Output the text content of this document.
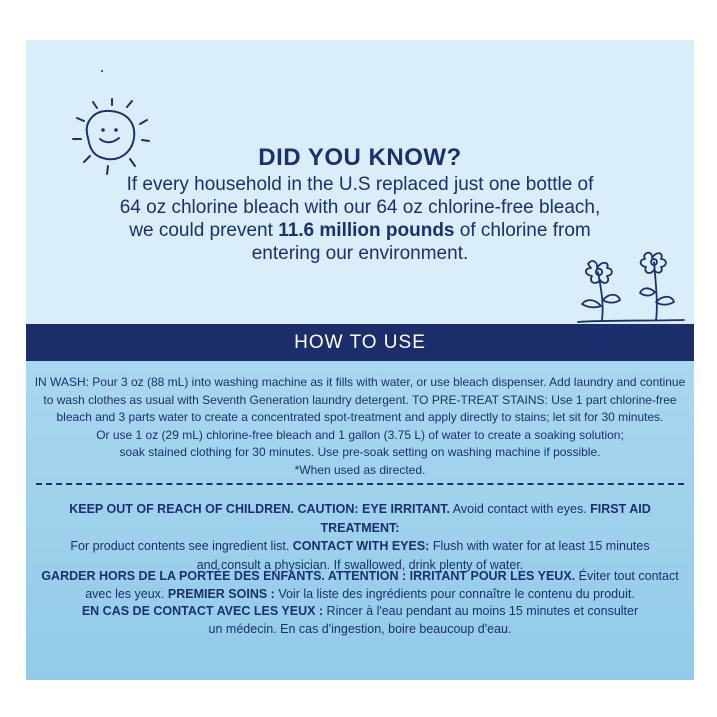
DID YOU KNOW?
If every household in the U.S replaced just one bottle of
64 oz chlorine bleach with our 64 oz chlorine-free bleach,
we could prevent 11.6 million pounds of chlorine from
entering our environment.
HOW TO USE
IN WASH: Pour 3 oz (88 mL) into washing machine as it fills with water, or use bleach dispenser. Add laundry and continue
to wash clothes as usual with Seventh Generation laundry detergent. TO PRE-TREAT STAINS: Use 1 part chlorine-free
bleach and 3 parts water to create a concentrated spot-treatment and apply directly to stains; let sit for 30 minutes.
Or use 1 oz (29 mL) chlorine-free bleach and 1 gallon (3.75 L) of water to create a soaking solution;
soak stained clothing for 30 minutes. Use pre-soak setting on washing machine if possible.
*When used as directed.
KEEP OUT OF REACH OF CHILDREN. CAUTION: EYE IRRITANT. Avoid contact with eyes. FIRST AID TREATMENT:
For product contents see ingredient list. CONTACT WITH EYES: Flush with water for at least 15 minutes
and consult a physician. If swallowed, drink plenty of water.
GARDER HORS DE LA PORTÉE DES ENFANTS. ATTENTION : IRRITANT POUR LES YEUX. Éviter tout contact
avec les yeux. PREMIER SOINS : Voir la liste des ingrédients pour connaître le contenu du produit.
EN CAS DE CONTACT AVEC LES YEUX : Rincer à l'eau pendant au moins 15 minutes et consulter
un médecin. En cas d'ingestion, boire beaucoup d'eau.
